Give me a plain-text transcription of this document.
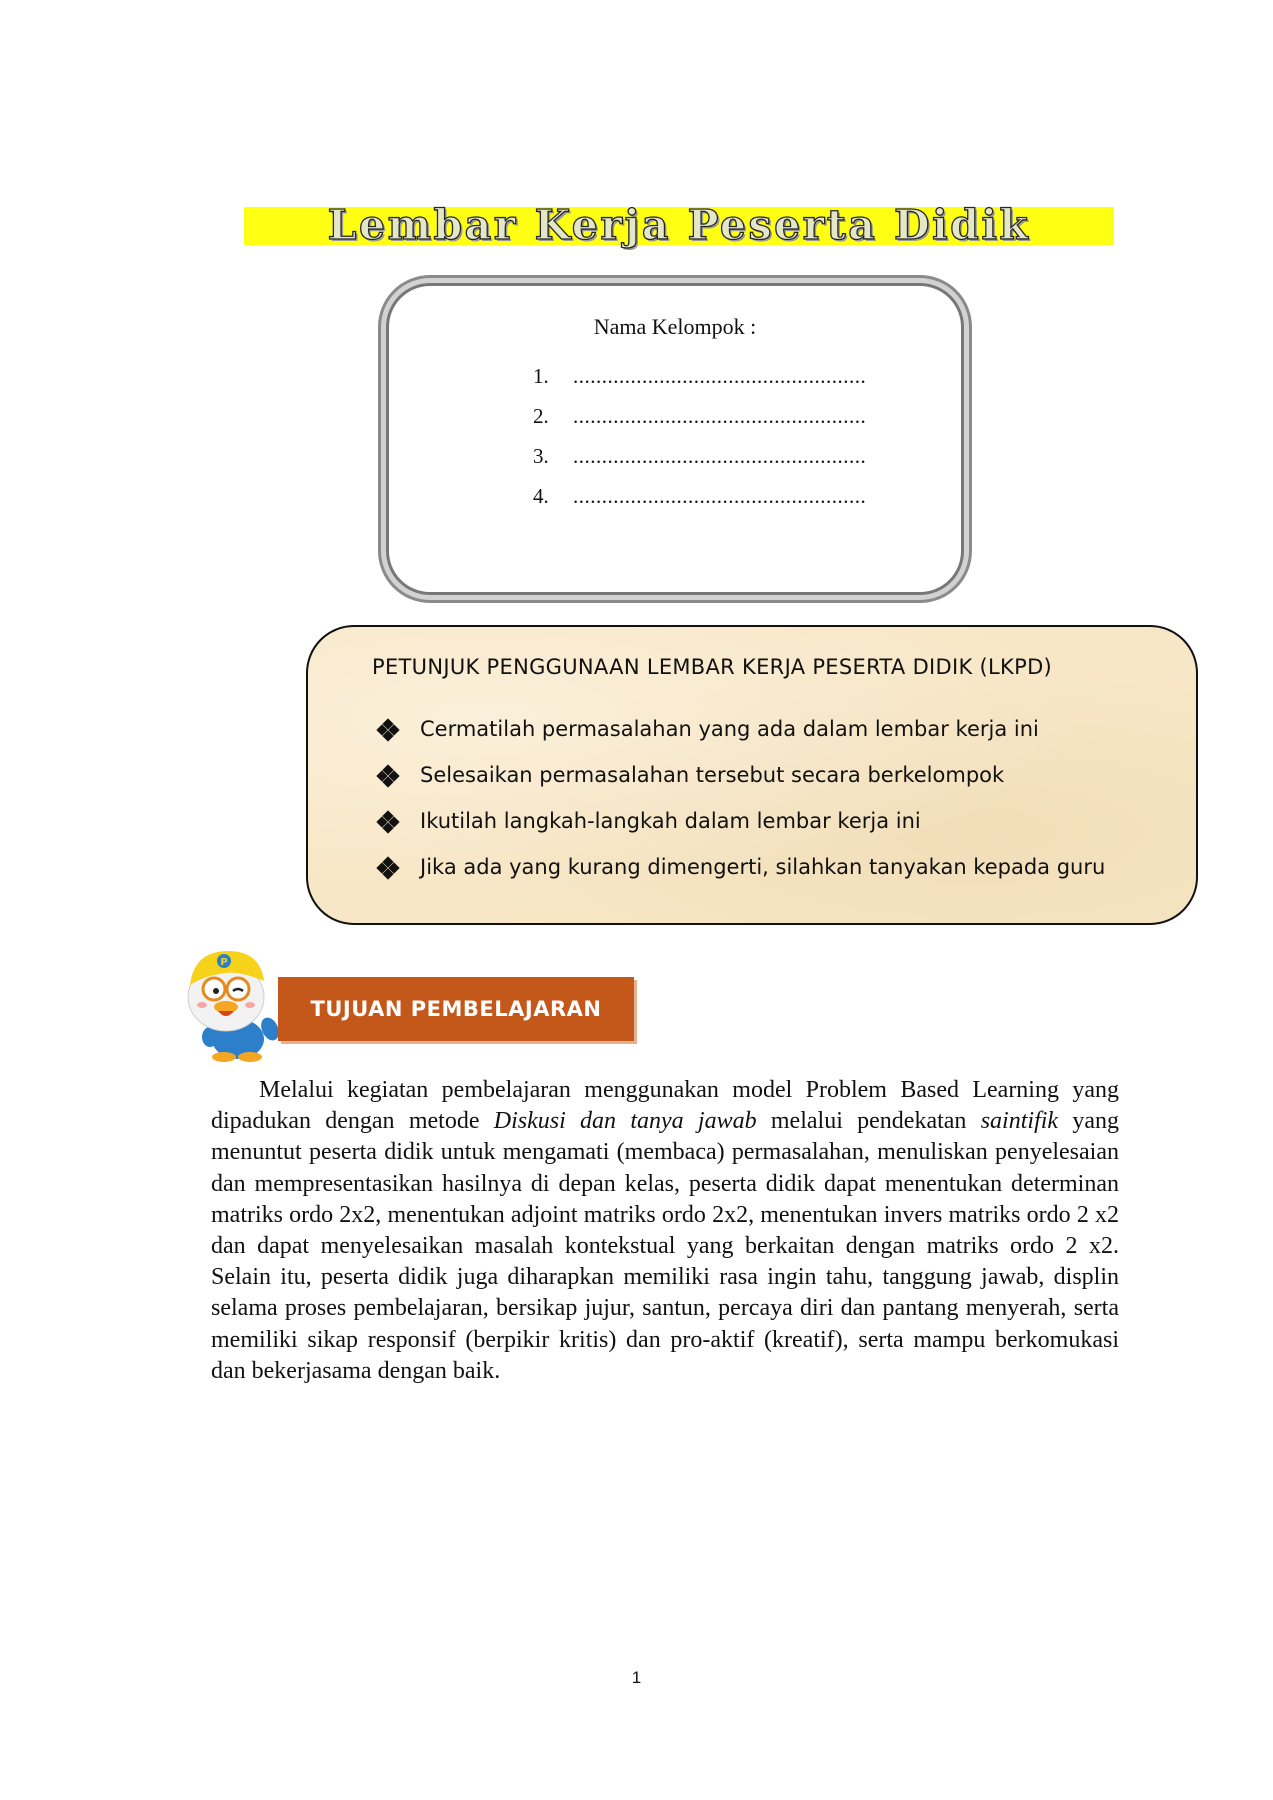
Lembar Kerja Peserta Didik
Nama Kelompok :
1. ...................................................
2. ...................................................
3. ...................................................
4. ...................................................
PETUNJUK PENGGUNAAN LEMBAR KERJA PESERTA DIDIK (LKPD)
Cermatilah permasalahan yang ada dalam lembar kerja ini
Selesaikan permasalahan tersebut secara berkelompok
Ikutilah langkah-langkah dalam lembar kerja ini
Jika ada yang kurang dimengerti, silahkan tanyakan kepada guru
P
TUJUAN PEMBELAJARAN
Melalui kegiatan pembelajaran menggunakan model Problem Based Learning yang dipadukan dengan metode Diskusi dan tanya jawab melalui pendekatan saintifik yang menuntut peserta didik untuk mengamati (membaca) permasalahan, menuliskan penyelesaian dan mempresentasikan hasilnya di depan kelas, peserta didik dapat menentukan determinan matriks ordo 2x2, menentukan adjoint matriks ordo 2x2, menentukan invers matriks ordo 2 x2 dan dapat menyelesaikan masalah kontekstual yang berkaitan dengan matriks ordo 2 x2. Selain itu, peserta didik juga diharapkan memiliki rasa ingin tahu, tanggung jawab, displin selama proses pembelajaran, bersikap jujur, santun, percaya diri dan pantang menyerah, serta memiliki sikap responsif (berpikir kritis) dan pro-aktif (kreatif), serta mampu berkomukasi dan bekerjasama dengan baik.
1
